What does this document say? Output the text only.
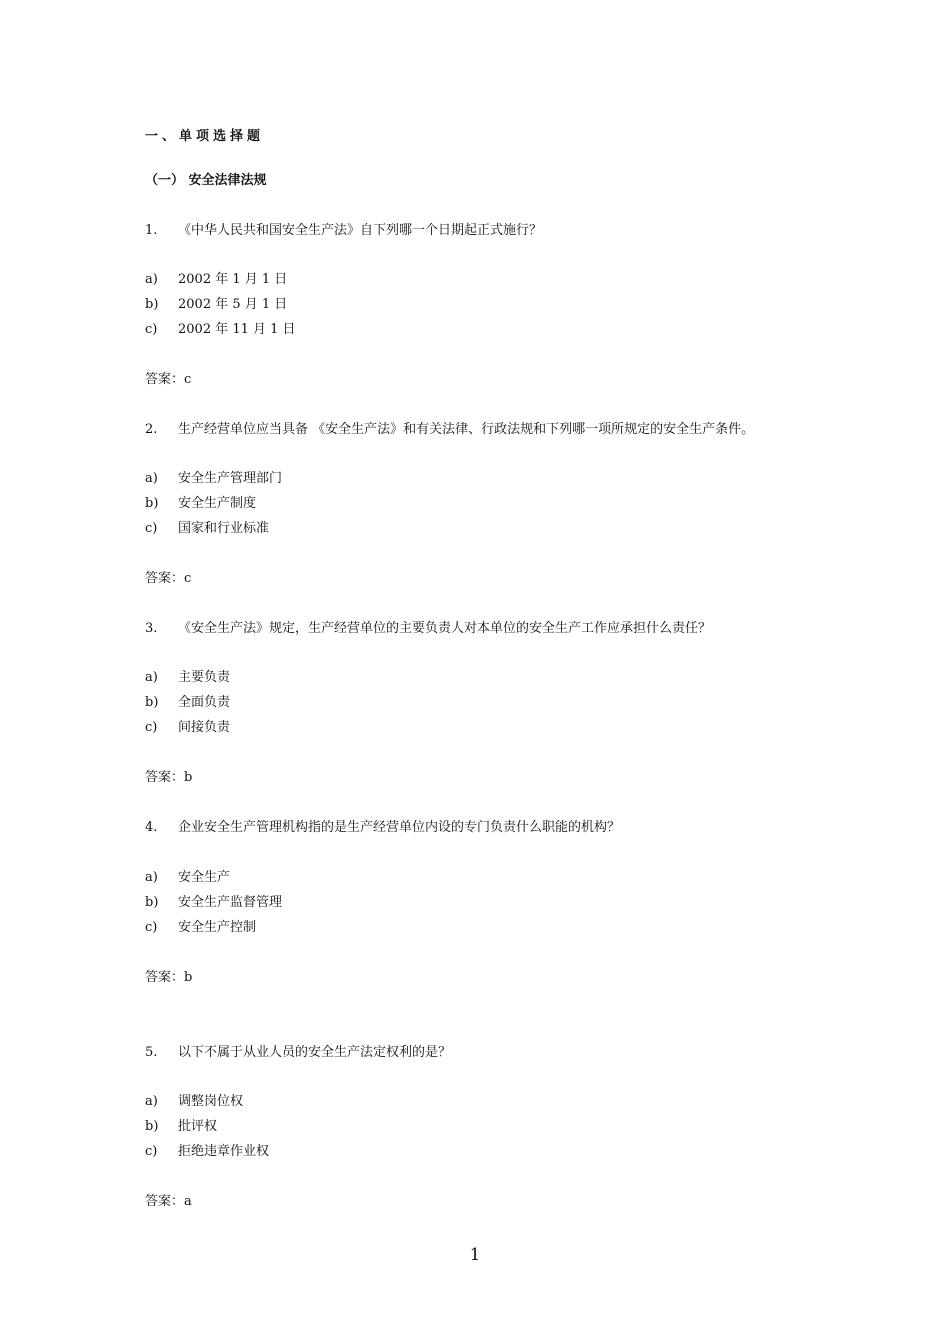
一、单项选择题
（一） 安全法律法规
1. 《中华人民共和国安全生产法》自下列哪一个日期起正式施行？
a) 2002 年 1 月 1 日
b) 2002 年 5 月 1 日
c) 2002 年 11 月 1 日
答案：c
2. 生产经营单位应当具备 《安全生产法》和有关法律、行政法规和下列哪一项所规定的安全生产条件。
a) 安全生产管理部门
b) 安全生产制度
c) 国家和行业标准
答案：c
3. 《安全生产法》规定，生产经营单位的主要负责人对本单位的安全生产工作应承担什么责任？
a) 主要负责
b) 全面负责
c) 间接负责
答案：b
4. 企业安全生产管理机构指的是生产经营单位内设的专门负责什么职能的机构？
a) 安全生产
b) 安全生产监督管理
c) 安全生产控制
答案：b
5. 以下不属于从业人员的安全生产法定权利的是？
a) 调整岗位权
b) 批评权
c) 拒绝违章作业权
答案：a
1
